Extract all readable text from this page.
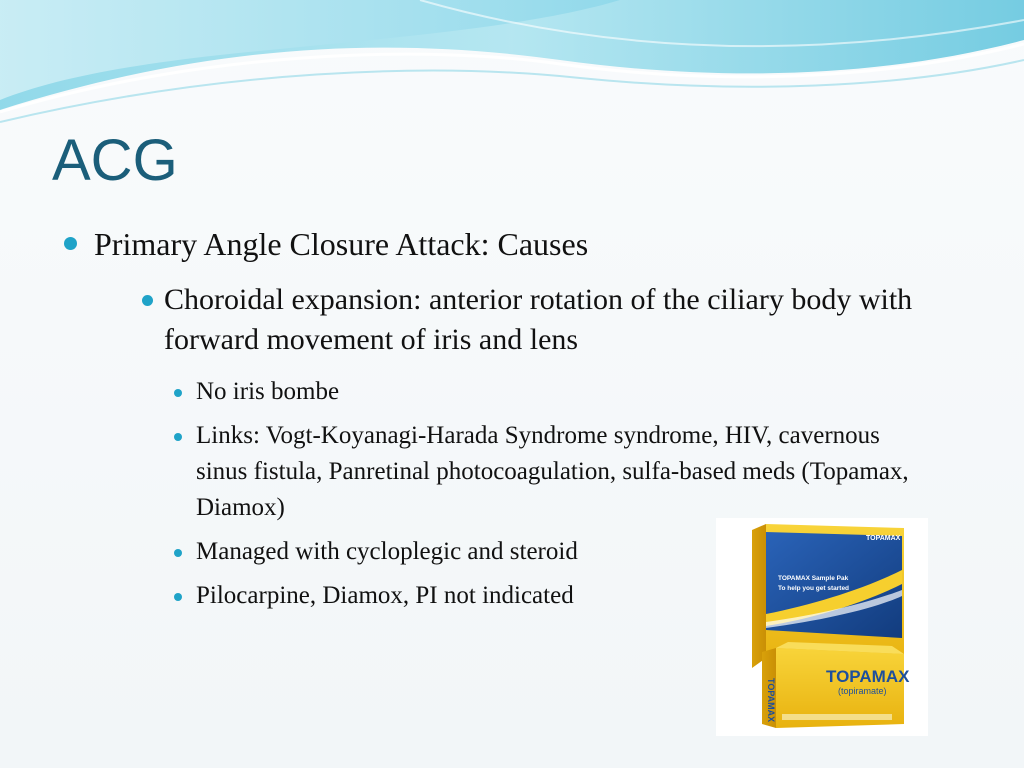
ACG
Primary Angle Closure Attack: Causes
Choroidal expansion: anterior rotation of the ciliary body with forward movement of iris and lens
No iris bombe
Links: Vogt-Koyanagi-Harada Syndrome syndrome, HIV, cavernous sinus fistula, Panretinal photocoagulation, sulfa-based meds (Topamax, Diamox)
Managed with cycloplegic and steroid
Pilocarpine, Diamox, PI not indicated
TOPAMAX
TOPAMAX Sample Pak
To help you get started
TOPAMAX
(topiramate)
TOPAMAX
